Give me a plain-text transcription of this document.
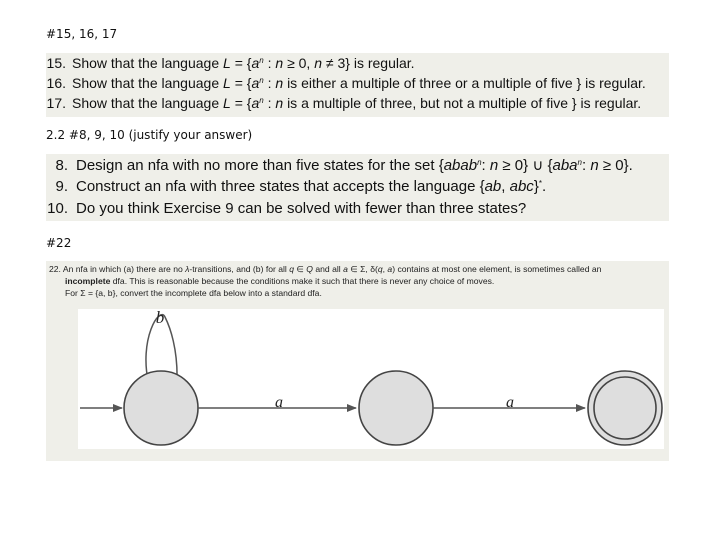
#15, 16, 17
15. Show that the language $L = \{a^n$ : n ≥ 0, n ≠ 3} is regular.
16. Show that the language $L = \{a^n$ : n is either a multiple of three or a multiple of five } is regular.
17. Show that the language $L = \{a^n$ : n is a multiple of three, but not a multiple of five } is regular.
2.2 #8, 9, 10 (justify your answer)
8. Design an nfa with no more than five states for the set {abab$^n$: n ≥ 0} ∪ {aba$^n$: n ≥ 0}.
9. Construct an nfa with three states that accepts the language {ab, abc}*.
10. Do you think Exercise 9 can be solved with fewer than three states?
#22
22. An nfa in which (a) there are no λ-transitions, and (b) for all q ∈ Q and all a ∈ Σ, δ(q, a) contains at most one element, is sometimes called an
incomplete dfa. This is reasonable because the conditions make it such that there is never any choice of moves.
For Σ = {a, b}, convert the incomplete dfa below into a standard dfa.
b
a	a
